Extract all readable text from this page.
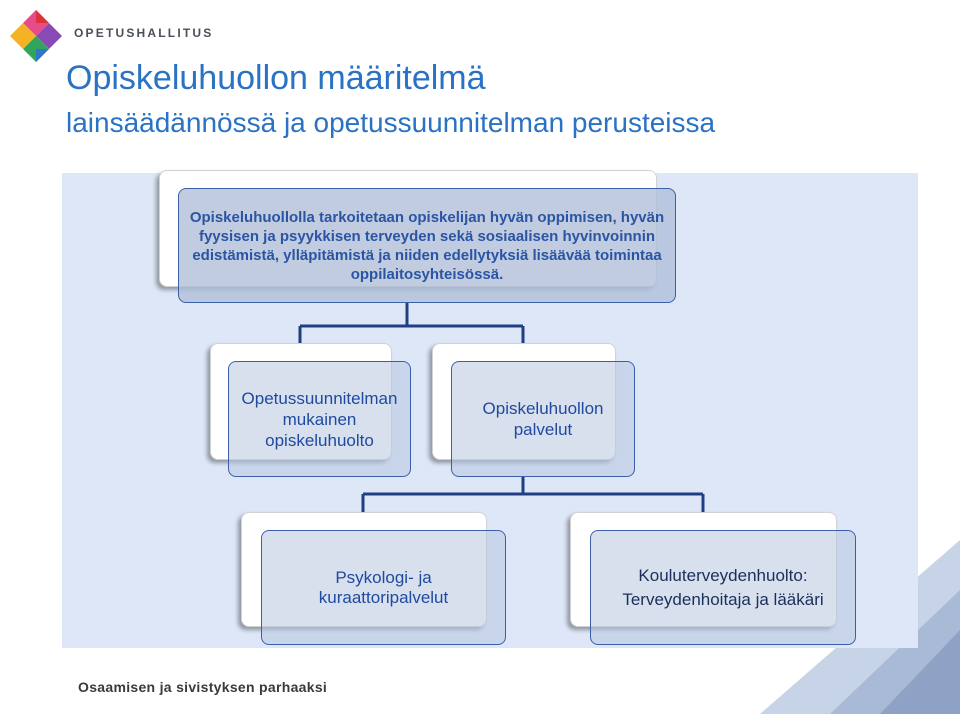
OPETUSHALLITUS
Opiskeluhuollon määritelmä
lainsäädännössä ja opetussuunnitelman perusteissa
Opiskeluhuollolla tarkoitetaan opiskelijan hyvän oppimisen, hyvän fyysisen ja psyykkisen terveyden sekä sosiaalisen hyvinvoinnin edistämistä, ylläpitämistä ja niiden edellytyksiä lisäävää toimintaa oppilaitosyhteisössä.
Opetussuunnitelman mukainen opiskeluhuolto
Opiskeluhuollon palvelut
Psykologi- ja kuraattoripalvelut
Kouluterveydenhuolto:
Terveydenhoitaja ja lääkäri
Osaamisen ja sivistyksen parhaaksi
